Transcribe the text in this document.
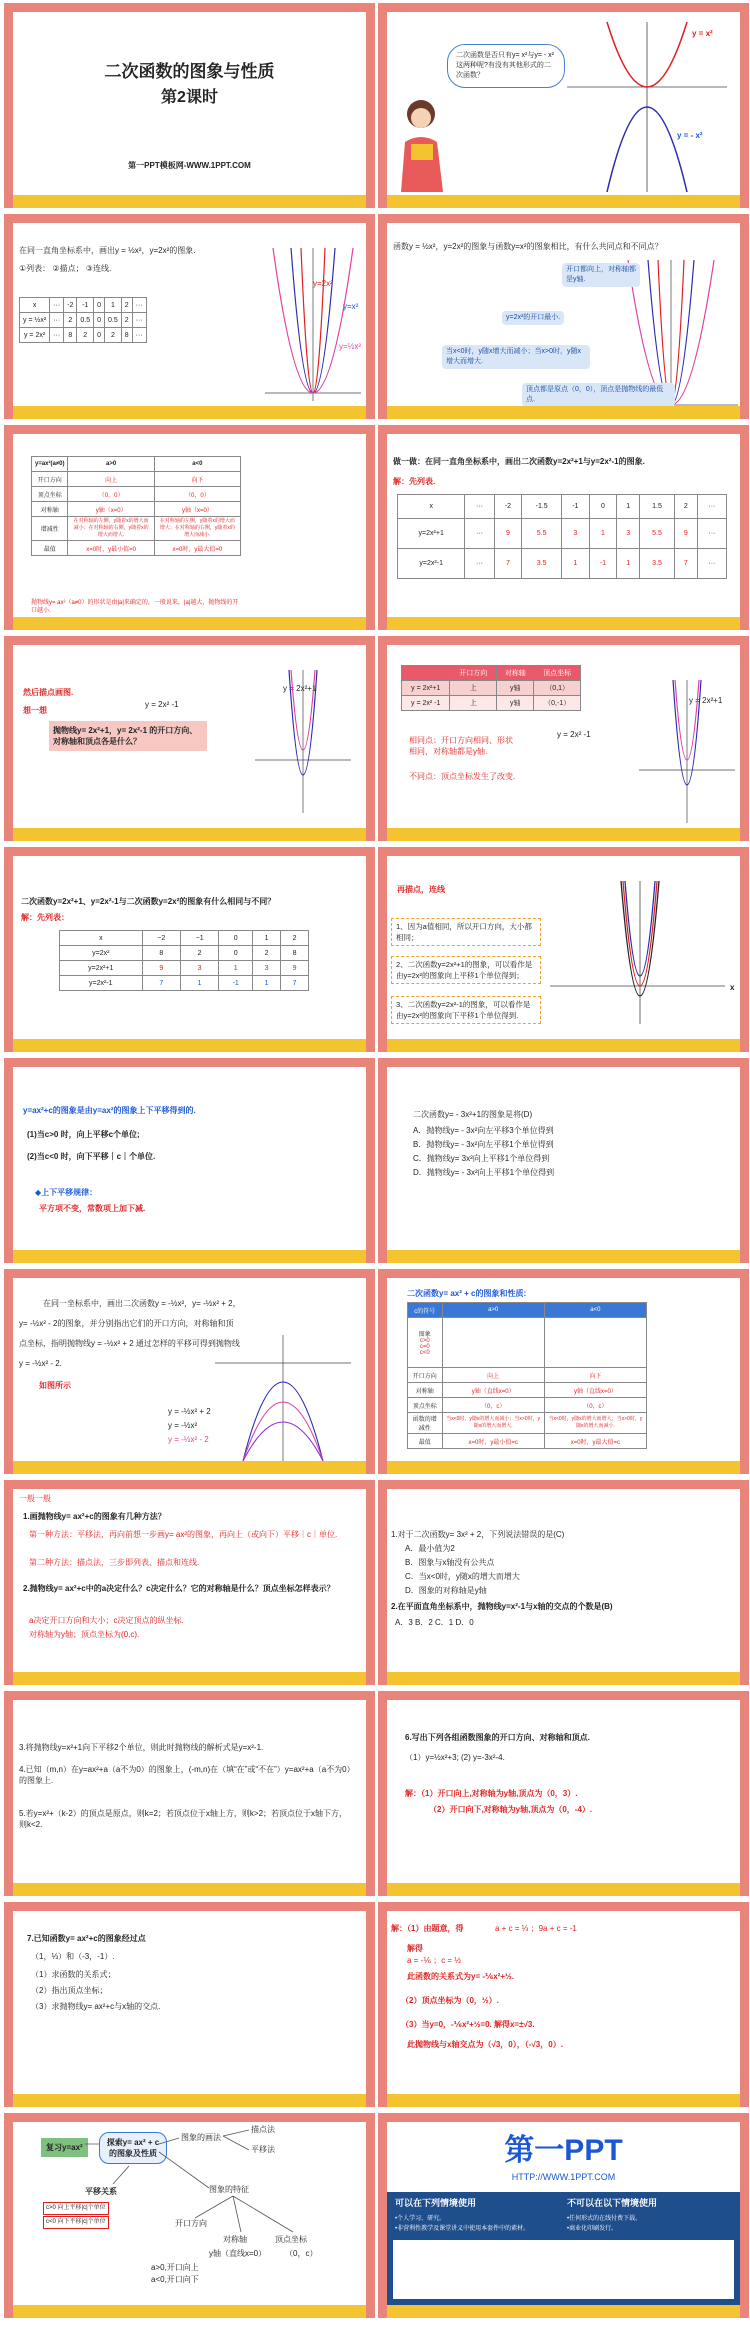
二次函数的图象与性质
第2课时
第一PPT模板网-WWW.1PPT.COM
二次函数是否只有y= x²与y= - x²这两种呢?有没有其他形式的二次函数？
y = x²
y = - x²
在同一直角坐标系中，画出y = ½x²，y=2x²的图象.
①列表： ②描点； ③连线.
x	···	-2	-1	0	1	2	···
y = ½x²	···	2	0.5	0	0.5	2	···
y = 2x²	···	8	2	0	2	8	···
y=2x²
y=x²
y=½x²
函数y = ½x²，y=2x²的图象与函数y=x²的图象相比，有什么共同点和不同点？
开口都向上，对称轴都是y轴.
y=2x²的开口最小.
当x<0时，y随x增大而减小；当x>0时，y随x增大而增大.
顶点都是原点（0，0），顶点是抛物线的最低点.
y=ax²(a≠0)	a>0	a<0
开口方向	向上	向下
顶点坐标	（0，0）	（0，0）
对称轴	y轴（x=0）	y轴（x=0）
增减性	在对称轴的左侧，y随着x的增大而减小；在对称轴的右侧，y随着x的增大而增大.	在对称轴的左侧，y随着x的增大而增大；在对称轴的右侧，y随着x的增大而减小.
最值	x=0时，y最小值=0	x=0时，y最大值=0
抛物线y= ax²（a≠0）的形状是由|a|来确定的，一般说来，|a|越大，抛物线的开口越小.
做一做：在同一直角坐标系中，画出二次函数y=2x²+1与y=2x²-1的图象.
解：先列表.
x	···	-2	-1.5	-1	0	1	1.5	2	···
y=2x²+1	···	9	5.5	3	1	3	5.5	9	···
y=2x²-1	···	7	3.5	1	-1	1	3.5	7	···
然后描点画图.
想一想
抛物线y= 2x²+1，y= 2x²-1 的开口方向、对称轴和顶点各是什么？
y = 2x² -1
y = 2x²+1
	开口方向	对称轴	顶点坐标
y = 2x²+1	上	y轴	（0,1）
y = 2x² -1	上	y轴	（0,-1）
相同点：开口方向相同、形状相同，对称轴都是y轴.
不同点：顶点坐标发生了改变.
y = 2x² -1
y = 2x²+1
二次函数y=2x²+1、y=2x²-1与二次函数y=2x²的图象有什么相同与不同？
解：先列表：
x	−2	−1	0	1	2
y=2x²	8	2	0	2	8
y=2x²+1	9	3	1	3	9
y=2x²-1	7	1	-1	1	7
再描点，连线
1、因为a值相同，所以开口方向，大小都相同；
2、二次函数y=2x²+1的图象，可以看作是由y=2x²的图象向上平移1个单位得到；
3、二次函数y=2x²-1的图象，可以看作是由y=2x²的图象向下平移1个单位得到.
x
y=ax²+c的图象是由y=ax²的图象上下平移得到的.
(1)当c>0 时，向上平移c个单位;
(2)当c<0 时，向下平移｜c｜个单位.
◆上下平移规律：
平方项不变，常数项上加下减.
二次函数y= - 3x²+1的图象是将(D)
A．抛物线y= - 3x²向左平移3个单位得到
B．抛物线y= - 3x²向左平移1个单位得到
C．抛物线y= 3x²向上平移1个单位得到
D．抛物线y= - 3x²向上平移1个单位得到
在同一坐标系中，画出二次函数y = -½x²，y= -½x² + 2，
y= -½x² - 2的图象，并分别指出它们的开口方向，对称轴和顶
点坐标，指明抛物线y = -½x² + 2 通过怎样的平移可得到抛物线
y = -½x² - 2.
如图所示
y = -½x² + 2
y = -½x²
y = -½x² - 2
二次函数y= ax² + c的图象和性质:
c的符号	a>0	a<0
图象
c>0
c=0
c<0		
开口方向	向上	向下
对称轴	y轴（直线x=0）	y轴（直线x=0）
顶点坐标	（0，c）	（0，c）
函数的增减性	当x<0时，y随x的增大而减小；当x>0时，y随x的增大而增大.	当x<0时，y随x的增大而增大；当x>0时，y随x的增大而减小.
最值	x=0时，y最小值=c	x=0时，y最大值=c
一般一般
1.画抛物线y= ax²+c的图象有几种方法？
第一种方法：平移法，再向前想一步画y= ax²的图象，再向上（或向下）平移｜c｜单位.
第二种方法：描点法，三步即列表、描点和连线.
2.抛物线y= ax²+c中的a决定什么？c决定什么？它的对称轴是什么？顶点坐标怎样表示？
a决定开口方向和大小；c决定顶点的纵坐标.
对称轴为y轴；顶点坐标为(0,c).
1.对于二次函数y= 3x² + 2，下列说法错误的是(C)
A．最小值为2
B．图象与x轴没有公共点
C．当x<0时，y随x的增大而增大
D．图象的对称轴是y轴
2.在平面直角坐标系中，抛物线y=x²-1与x轴的交点的个数是(B)
A．3 B．2 C．1 D．0
3.将抛物线y=x²+1向下平移2个单位，则此时抛物线的解析式是y=x²-1.
4.已知（m,n）在y=ax²+a（a不为0）的图象上，(-m,n)在（填“在”或“不在”）y=ax²+a（a不为0）的图象上.
5.若y=x²+（k-2）的顶点是原点，则k=2；若顶点位于x轴上方，则k>2；若顶点位于x轴下方，则k<2.
6.写出下列各组函数图象的开口方向、对称轴和顶点.
（1）y=½x²+3; (2) y=-3x²-4.
解：（1）开口向上,对称轴为y轴,顶点为（0，3）.
（2）开口向下,对称轴为y轴,顶点为（0，-4）.
7.已知函数y= ax²+c的图象经过点
（1，⅓）和（-3，-1）.
（1）求函数的关系式；
（2）指出顶点坐标；
（3）求抛物线y= ax²+c与x轴的交点.
解：（1）由题意，得	a + c = ⅓ ；9a + c = -1
解得
a = -⅙ ；c = ½
此函数的关系式为y= -⅙x²+½.
（2）顶点坐标为（0，½）.
（3）当y=0，-⅙x²+½=0. 解得x=±√3.
此抛物线与x轴交点为（√3，0），（-√3，0）.
复习y=ax²
探索y= ax² + c的图象及性质
图象的画法
描点法
平移法
图象的特征
平移关系
c>0 向上平移|c|个单位
c<0 向下平移|c|个单位	开口方向
对称轴
y轴（直线x=0）
顶点坐标
（0，c）
a>0,开口向上
a<0,开口向下
第一PPT
HTTP://WWW.1PPT.COM
可以在下列情境使用
•个人学习、研究。
•非营利性教学及课堂讲义中使用本套件中的素材。
不可以在以下情境使用
•任何形式的在线付费下载。
•商业化印刷发行。
